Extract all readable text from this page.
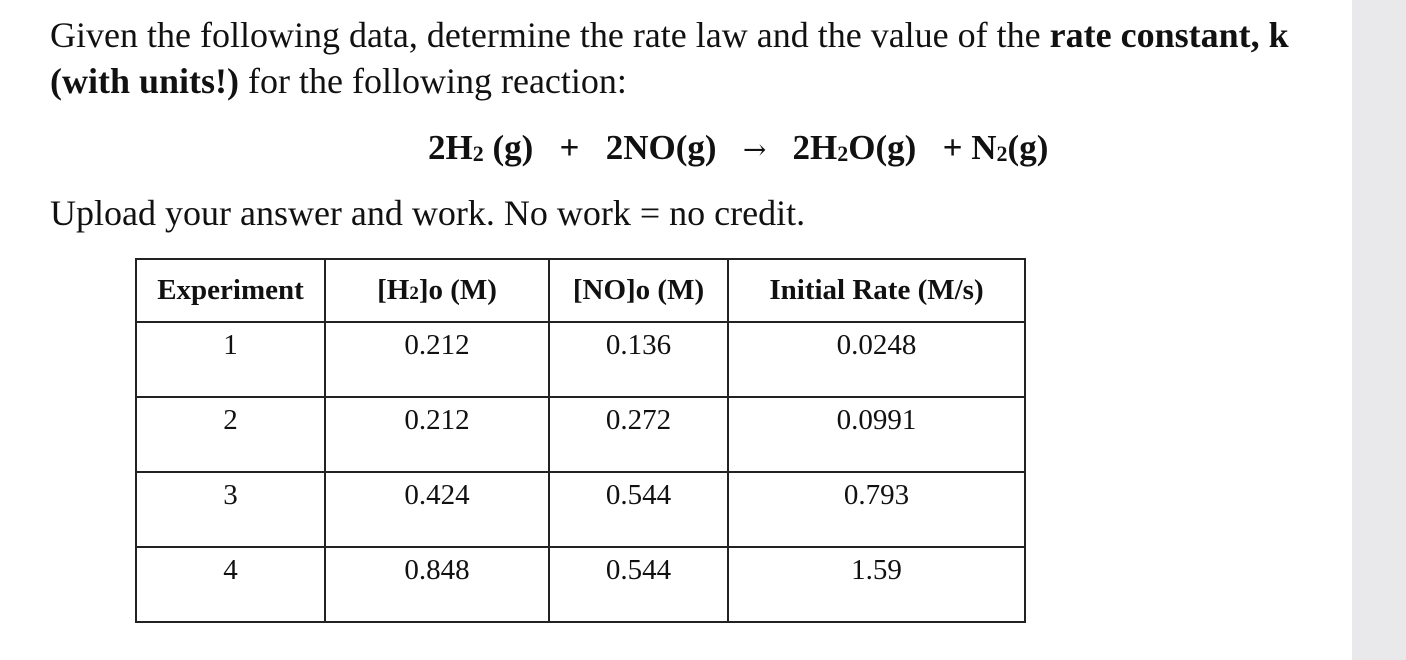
Given the following data, determine the rate law and the value of the rate constant, k
(with units!) for the following reaction:

$2H_2$ $(g) + 2NO(g) \to 2H_2O(g) + N_2(g)$

Upload your answer and work. No work = no credit.

Experiment	[H2]o (M)	[NO]o (M)	Initial Rate (M/s)
1	0.212	0.136	0.0248
2	0.212	0.272	0.0991
3	0.424	0.544	0.793
4	0.848	0.544	1.59
